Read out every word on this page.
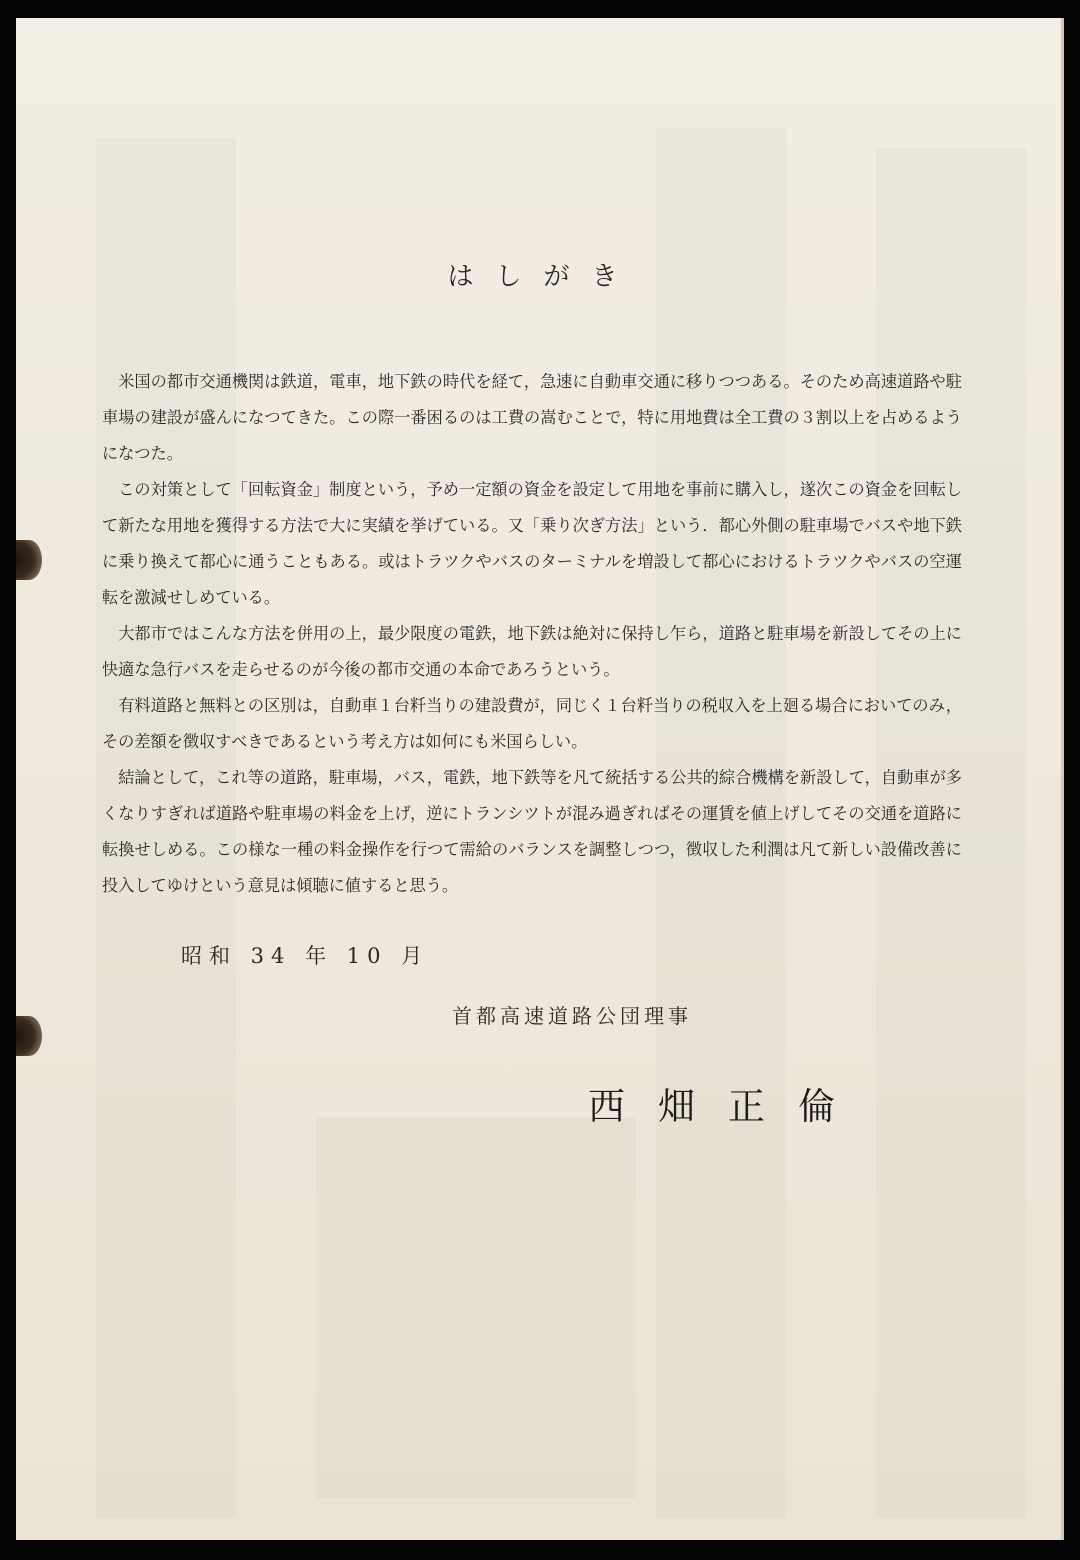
はしがき

米国の都市交通機関は鉄道，電車，地下鉄の時代を経て，急速に自動車交通に移りつつある。そのため高速道路や駐車場の建設が盛んになつてきた。この際一番困るのは工費の嵩むことで，特に用地費は全工費の３割以上を占めるようになつた。

この対策として「回転資金」制度という，予め一定額の資金を設定して用地を事前に購入し，遂次この資金を回転して新たな用地を獲得する方法で大に実績を挙げている。又「乗り次ぎ方法」という．都心外側の駐車場でバスや地下鉄に乗り換えて都心に通うこともある。或はトラツクやバスのターミナルを増設して都心におけるトラツクやバスの空運転を激減せしめている。

大都市ではこんな方法を併用の上，最少限度の電鉄，地下鉄は絶対に保持し乍ら，道路と駐車場を新設してその上に快適な急行バスを走らせるのが今後の都市交通の本命であろうという。

有料道路と無料との区別は，自動車１台粁当りの建設費が，同じく１台粁当りの税収入を上廻る場合においてのみ，その差額を徴収すべきであるという考え方は如何にも米国らしい。

結論として，これ等の道路，駐車場，バス，電鉄，地下鉄等を凡て統括する公共的綜合機構を新設して，自動車が多くなりすぎれば道路や駐車場の料金を上げ，逆にトランシツトが混み過ぎればその運賃を値上げしてその交通を道路に転換せしめる。この様な一種の料金操作を行つて需給のバランスを調整しつつ，徴収した利潤は凡て新しい設備改善に投入してゆけという意見は傾聴に値すると思う。

昭和 34 年 10 月
首都高速道路公団理事
西畑正倫
